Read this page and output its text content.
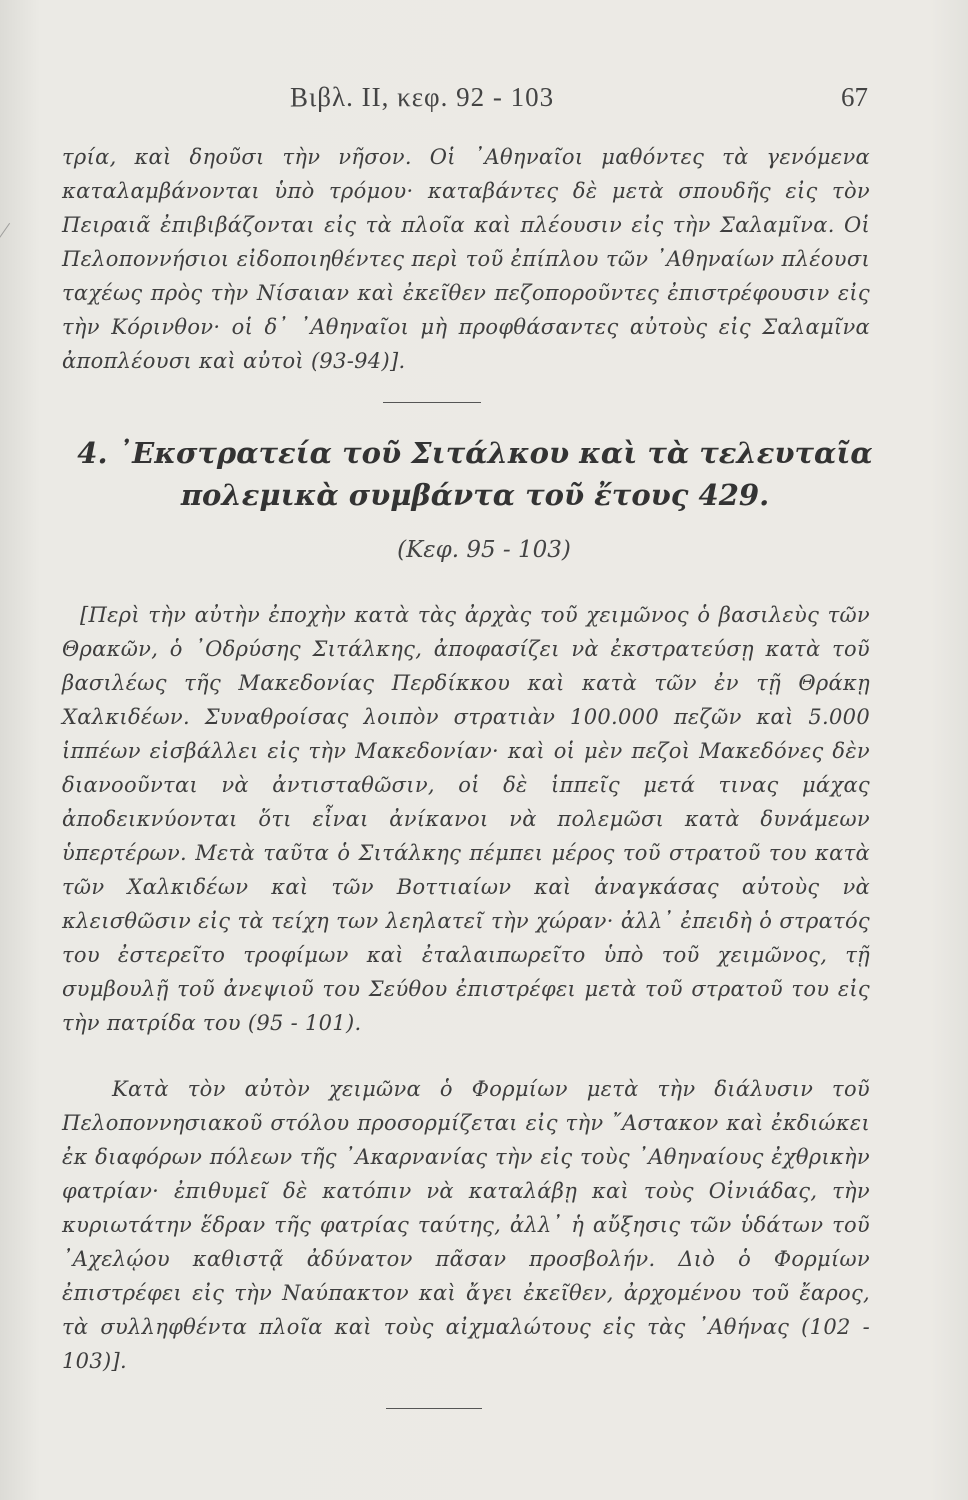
Βιβλ. II, κεφ. 92 - 103	67

τρία, καὶ δηοῦσι τὴν νῆσον. Οἱ ᾿Αθηναῖοι μαθόντες τὰ γενόμενα καταλαμβάνονται ὑπὸ τρόμου· καταβάντες δὲ μετὰ σπουδῆς εἰς τὸν Πειραιᾶ ἐπιβιβάζονται εἰς τὰ πλοῖα καὶ πλέουσιν εἰς τὴν Σαλαμῖνα. Οἱ Πελοποννήσιοι εἰδοποιηθέντες περὶ τοῦ ἐπίπλου τῶν ᾿Αθηναίων πλέουσι ταχέως πρὸς τὴν Νίσαιαν καὶ ἐκεῖθεν πεζοποροῦντες ἐπιστρέφουσιν εἰς τὴν Κόρινθον· οἱ δ᾿ ᾿Αθηναῖοι μὴ προφθάσαντες αὐτοὺς εἰς Σαλαμῖνα ἀποπλέουσι καὶ αὐτοὶ (93-94)].

4. ᾿Εκστρατεία τοῦ Σιτάλκου καὶ τὰ τελευταῖα
πολεμικὰ συμβάντα τοῦ ἔτους 429.
(Κεφ. 95 - 103)

[Περὶ τὴν αὐτὴν ἐποχὴν κατὰ τὰς ἀρχὰς τοῦ χειμῶνος ὁ βασιλεὺς τῶν Θρακῶν, ὁ ᾿Οδρύσης Σιτάλκης, ἀποφασίζει νὰ ἐκστρατεύσῃ κατὰ τοῦ βασιλέως τῆς Μακεδονίας Περδίκκου καὶ κατὰ τῶν ἐν τῇ Θράκῃ Χαλκιδέων. Συναθροίσας λοιπὸν στρατιὰν 100.000 πεζῶν καὶ 5.000 ἱππέων εἰσβάλλει εἰς τὴν Μακεδονίαν· καὶ οἱ μὲν πεζοὶ Μακεδόνες δὲν διανοοῦνται νὰ ἀντισταθῶσιν, οἱ δὲ ἱππεῖς μετά τινας μάχας ἀποδεικνύονται ὅτι εἶναι ἀνίκανοι νὰ πολεμῶσι κατὰ δυνάμεων ὑπερτέρων. Μετὰ ταῦτα ὁ Σιτάλκης πέμπει μέρος τοῦ στρατοῦ του κατὰ τῶν Χαλκιδέων καὶ τῶν Βοττιαίων καὶ ἀναγκάσας αὐτοὺς νὰ κλεισθῶσιν εἰς τὰ τείχη των λεηλατεῖ τὴν χώραν· ἀλλ᾿ ἐπειδὴ ὁ στρατός του ἐστερεῖτο τροφίμων καὶ ἐταλαιπωρεῖτο ὑπὸ τοῦ χειμῶνος, τῇ συμβουλῇ τοῦ ἀνεψιοῦ του Σεύθου ἐπιστρέφει μετὰ τοῦ στρατοῦ του εἰς τὴν πατρίδα του (95 - 101).

Κατὰ τὸν αὐτὸν χειμῶνα ὁ Φορμίων μετὰ τὴν διάλυσιν τοῦ Πελοποννησιακοῦ στόλου προσορμίζεται εἰς τὴν ῎Αστακον καὶ ἐκδιώκει ἐκ διαφόρων πόλεων τῆς ᾿Ακαρνανίας τὴν εἰς τοὺς ᾿Αθηναίους ἐχθρικὴν φατρίαν· ἐπιθυμεῖ δὲ κατόπιν νὰ καταλάβῃ καὶ τοὺς Οἰνιάδας, τὴν κυριωτάτην ἕδραν τῆς φατρίας ταύτης, ἀλλ᾿ ἡ αὔξησις τῶν ὑδάτων τοῦ ᾿Αχελῴου καθιστᾷ ἀδύνατον πᾶσαν προσβολήν. Διὸ ὁ Φορμίων ἐπιστρέφει εἰς τὴν Ναύπακτον καὶ ἄγει ἐκεῖθεν, ἀρχομένου τοῦ ἔαρος, τὰ συλληφθέντα πλοῖα καὶ τοὺς αἰχμαλώτους εἰς τὰς ᾿Αθήνας (102 - 103)].
